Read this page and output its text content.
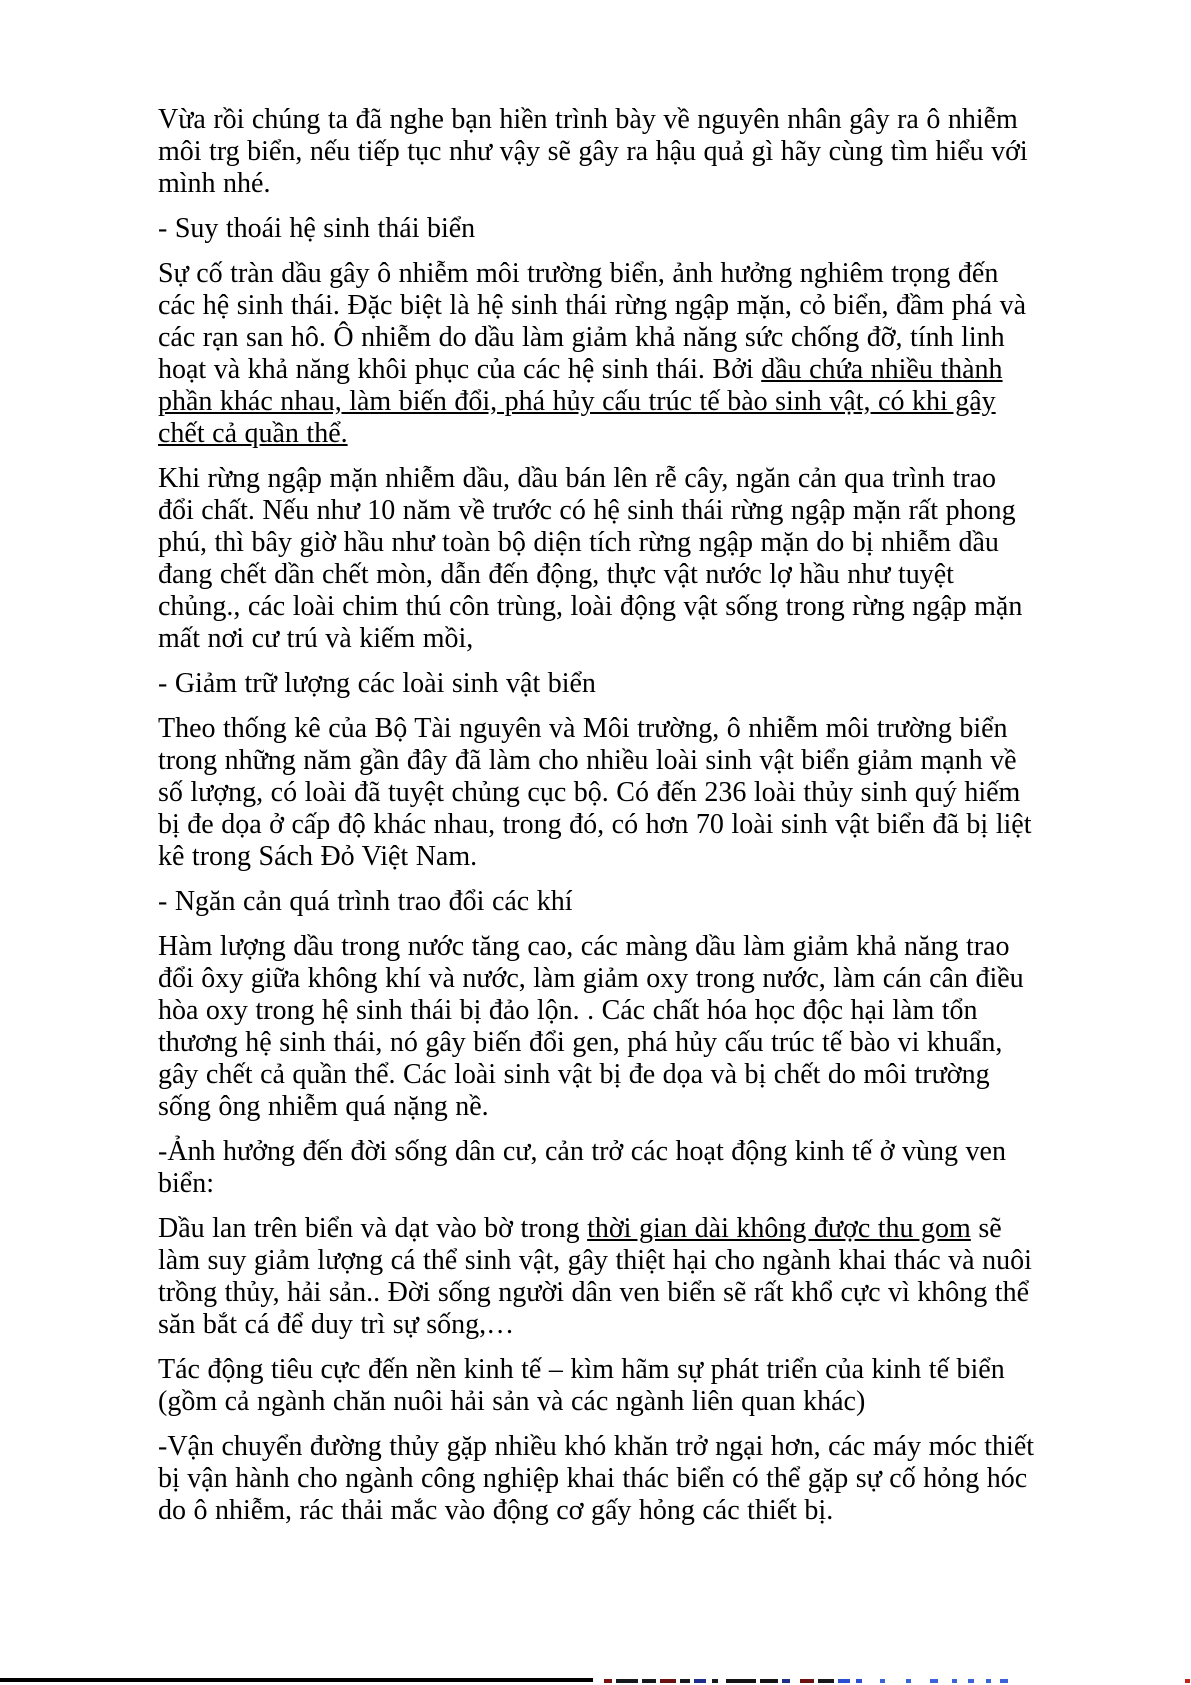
Vừa rồi chúng ta đã nghe bạn hiền trình bày về nguyên nhân gây ra ô nhiễm môi trg biển, nếu tiếp tục như vậy sẽ gây ra hậu quả gì hãy cùng tìm hiểu với mình nhé.

- Suy thoái hệ sinh thái biển

Sự cố tràn dầu gây ô nhiễm môi trường biển, ảnh hưởng nghiêm trọng đến các hệ sinh thái. Đặc biệt là hệ sinh thái rừng ngập mặn, cỏ biển, đầm phá và các rạn san hô. Ô nhiễm do dầu làm giảm khả năng sức chống đỡ, tính linh hoạt và khả năng khôi phục của các hệ sinh thái. Bởi dầu chứa nhiều thành phần khác nhau, làm biến đổi, phá hủy cấu trúc tế bào sinh vật, có khi gây chết cả quần thể.

Khi rừng ngập mặn nhiễm dầu, dầu bán lên rễ cây, ngăn cản qua trình trao đổi chất. Nếu như 10 năm về trước có hệ sinh thái rừng ngập mặn rất phong phú, thì bây giờ hầu như toàn bộ diện tích rừng ngập mặn do bị nhiễm dầu đang chết dần chết mòn, dẫn đến động, thực vật nước lợ hầu như tuyệt chủng., các loài chim thú côn trùng, loài động vật sống trong rừng ngập mặn mất nơi cư trú và kiếm mồi,

- Giảm trữ lượng các loài sinh vật biển

Theo thống kê của Bộ Tài nguyên và Môi trường, ô nhiễm môi trường biển trong những năm gần đây đã làm cho nhiều loài sinh vật biển giảm mạnh về số lượng, có loài đã tuyệt chủng cục bộ. Có đến 236 loài thủy sinh quý hiếm bị đe dọa ở cấp độ khác nhau, trong đó, có hơn 70 loài sinh vật biển đã bị liệt kê trong Sách Đỏ Việt Nam.

- Ngăn cản quá trình trao đổi các khí

Hàm lượng dầu trong nước tăng cao, các màng dầu làm giảm khả năng trao đổi ôxy giữa không khí và nước, làm giảm oxy trong nước, làm cán cân điều hòa oxy trong hệ sinh thái bị đảo lộn. . Các chất hóa học độc hại làm tổn thương hệ sinh thái, nó gây biến đổi gen, phá hủy cấu trúc tế bào vi khuẩn, gây chết cả quần thể. Các loài sinh vật bị đe dọa và bị chết do môi trường sống ông nhiễm quá nặng nề.

-Ảnh hưởng đến đời sống dân cư, cản trở các hoạt động kinh tế ở vùng ven biển:

Dầu lan trên biển và dạt vào bờ trong thời gian dài không được thu gom sẽ làm suy giảm lượng cá thể sinh vật, gây thiệt hại cho ngành khai thác và nuôi trồng thủy, hải sản.. Đời sống người dân ven biển sẽ rất khổ cực vì không thể săn bắt cá để duy trì sự sống,…

Tác động tiêu cực đến nền kinh tế – kìm hãm sự phát triển của kinh tế biển (gồm cả ngành chăn nuôi hải sản và các ngành liên quan khác)

-Vận chuyển đường thủy gặp nhiều khó khăn trở ngại hơn, các máy móc thiết bị vận hành cho ngành công nghiệp khai thác biển có thể gặp sự cố hỏng hóc do ô nhiễm, rác thải mắc vào động cơ gấy hỏng các thiết bị.
